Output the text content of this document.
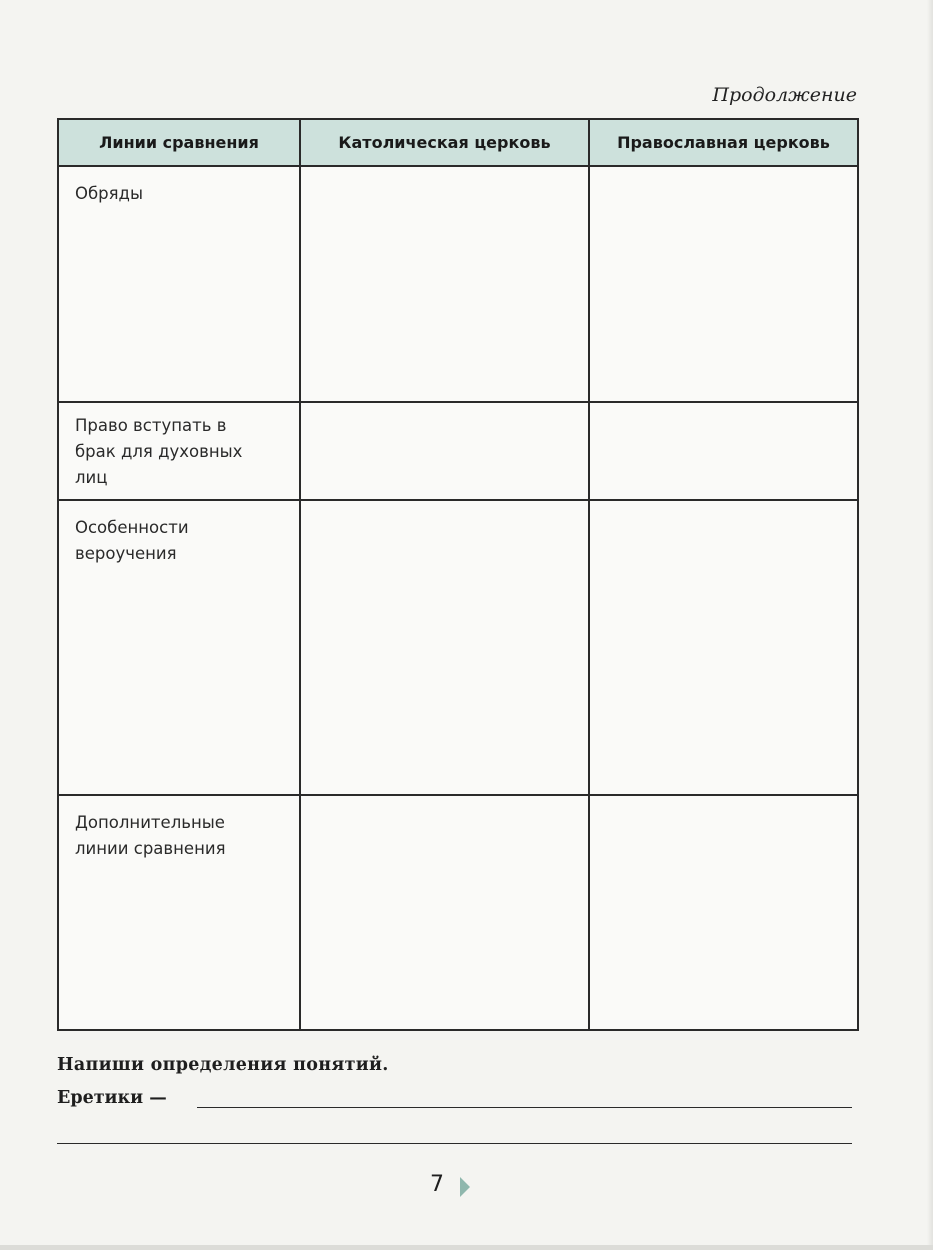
Продолжение
Линии сравнения	Католическая церковь	Православная церковь
Обряды		

Право вступать в брак для духовных лиц		

Особенности вероучения		

Дополнительные линии сравнения		

Напиши определения понятий.
Еретики —
7
